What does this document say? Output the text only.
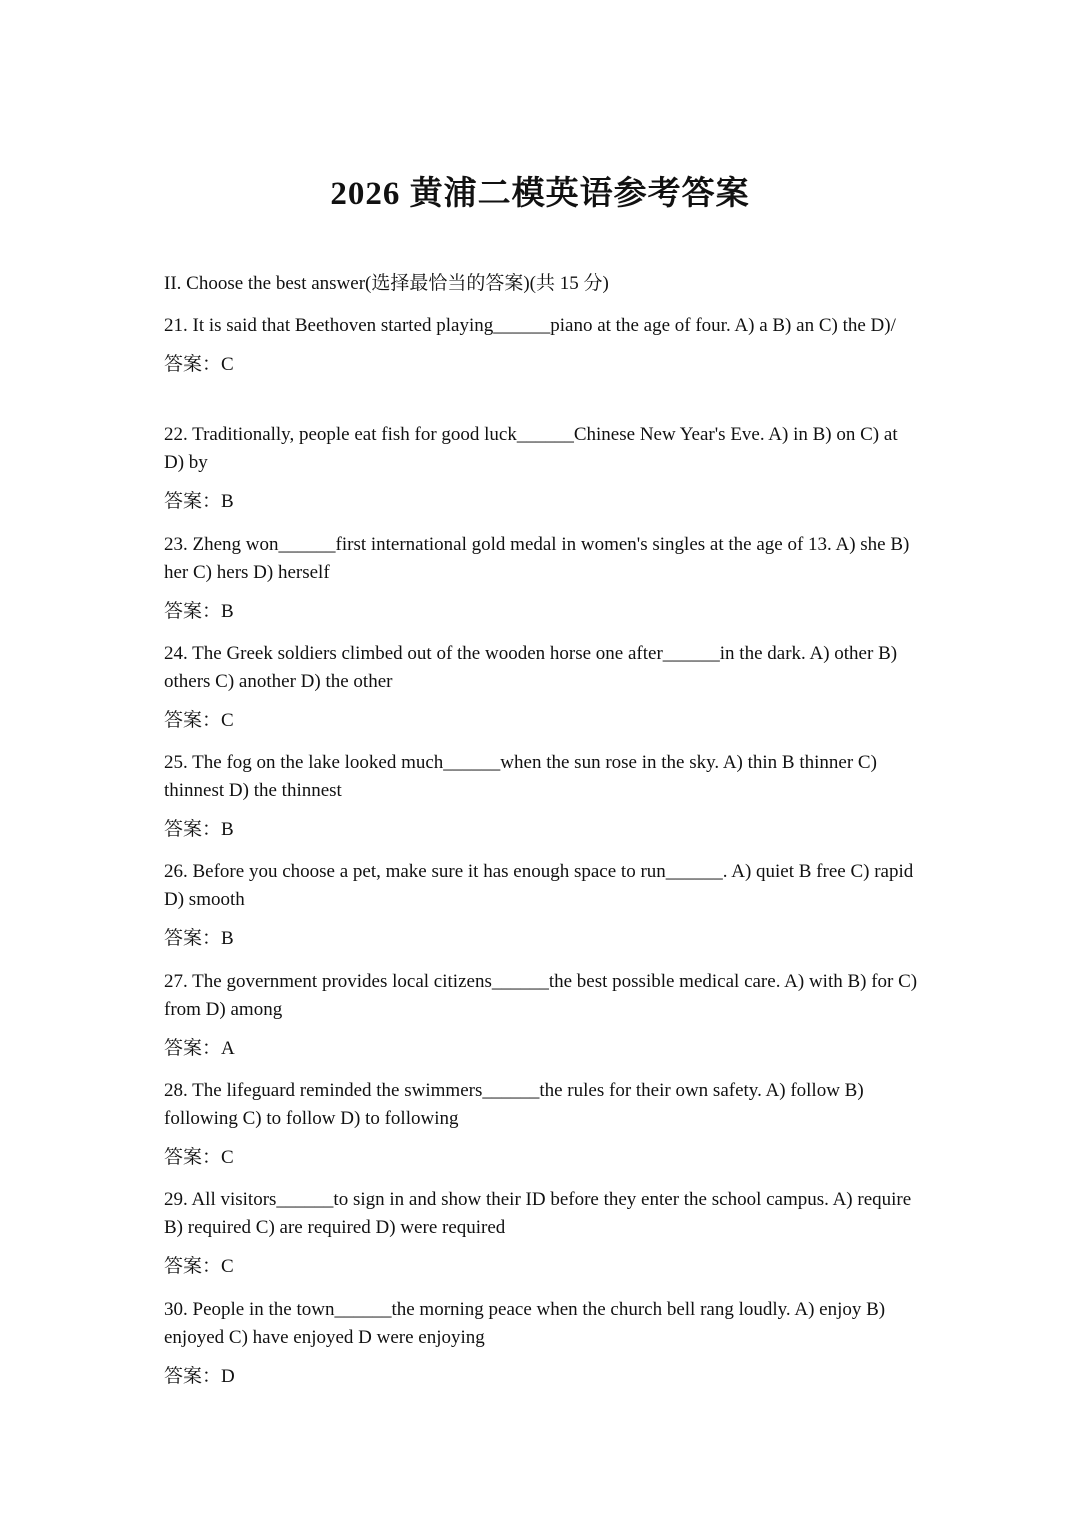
2026 黄浦二模英语参考答案
II. Choose the best answer(选择最恰当的答案)(共 15 分)

21. It is said that Beethoven started playing______piano at the age of four. A) a B) an C) the D)/

答案：C

22. Traditionally, people eat fish for good luck______Chinese New Year's Eve. A) in B) on C) at D) by

答案：B

23. Zheng won______first international gold medal in women's singles at the age of 13. A) she B) her C) hers D) herself

答案：B

24. The Greek soldiers climbed out of the wooden horse one after______in the dark. A) other B) others C) another D) the other

答案：C

25. The fog on the lake looked much______when the sun rose in the sky. A) thin B thinner C) thinnest D) the thinnest

答案：B

26. Before you choose a pet, make sure it has enough space to run______. A) quiet B free C) rapid D) smooth

答案：B

27. The government provides local citizens______the best possible medical care. A) with B) for C) from D) among

答案：A

28. The lifeguard reminded the swimmers______the rules for their own safety. A) follow B) following C) to follow D) to following

答案：C

29. All visitors______to sign in and show their ID before they enter the school campus. A) require B) required C) are required D) were required

答案：C

30. People in the town______the morning peace when the church bell rang loudly. A) enjoy B) enjoyed C) have enjoyed D were enjoying

答案：D
